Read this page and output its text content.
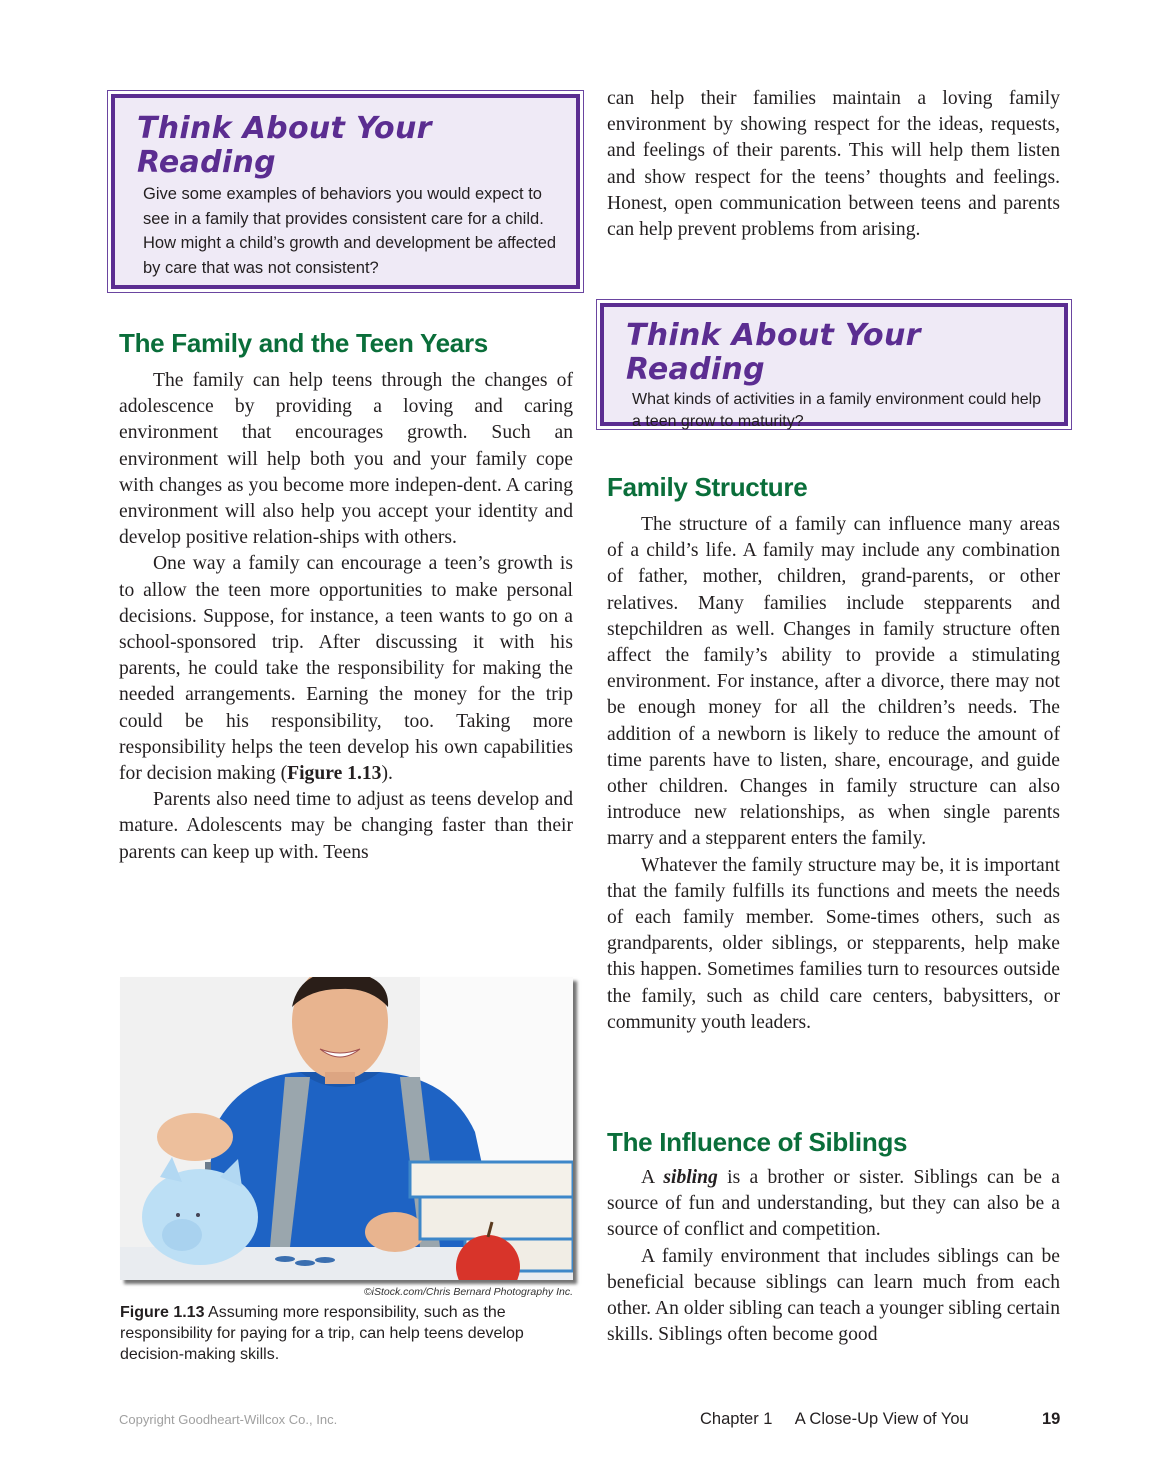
Think About Your Reading

Give some examples of behaviors you would expect to see in a family that provides consistent care for a child. How might a child’s growth and development be affected by care that was not consistent?

The Family and the Teen Years

The family can help teens through the changes of adolescence by providing a loving and caring environment that encourages growth. Such an environment will help both you and your family cope with changes as you become more indepen-dent. A caring environment will also help you accept your identity and develop positive relation-ships with others.

One way a family can encourage a teen’s growth is to allow the teen more opportunities to make personal decisions. Suppose, for instance, a teen wants to go on a school-sponsored trip. After discussing it with his parents, he could take the responsibility for making the needed arrangements. Earning the money for the trip could be his responsibility, too. Taking more responsibility helps the teen develop his own capabilities for decision making (Figure 1.13).

Parents also need time to adjust as teens develop and mature. Adolescents may be changing faster than their parents can keep up with. Teens

©iStock.com/Chris Bernard Photography Inc.

Figure 1.13 Assuming more responsibility, such as the responsibility for paying for a trip, can help teens develop decision-making skills.

can help their families maintain a loving family environment by showing respect for the ideas, requests, and feelings of their parents. This will help them listen and show respect for the teens’ thoughts and feelings. Honest, open communication between teens and parents can help prevent problems from arising.

Think About Your Reading

What kinds of activities in a family environment could help a teen grow to maturity?

Family Structure

The structure of a family can influence many areas of a child’s life. A family may include any combination of father, mother, children, grand-parents, or other relatives. Many families include stepparents and stepchildren as well. Changes in family structure often affect the family’s ability to provide a stimulating environment. For instance, after a divorce, there may not be enough money for all the children’s needs. The addition of a newborn is likely to reduce the amount of time parents have to listen, share, encourage, and guide other children. Changes in family structure can also introduce new relationships, as when single parents marry and a stepparent enters the family.

Whatever the family structure may be, it is important that the family fulfills its functions and meets the needs of each family member. Some-times others, such as grandparents, older siblings, or stepparents, help make this happen. Sometimes families turn to resources outside the family, such as child care centers, babysitters, or community youth leaders.

The Influence of Siblings

A sibling is a brother or sister. Siblings can be a source of fun and understanding, but they can also be a source of conflict and competition.

A family environment that includes siblings can be beneficial because siblings can learn much from each other. An older sibling can teach a younger sibling certain skills. Siblings often become good

Copyright Goodheart-Willcox Co., Inc.	Chapter 1 A Close-Up View of You	19
